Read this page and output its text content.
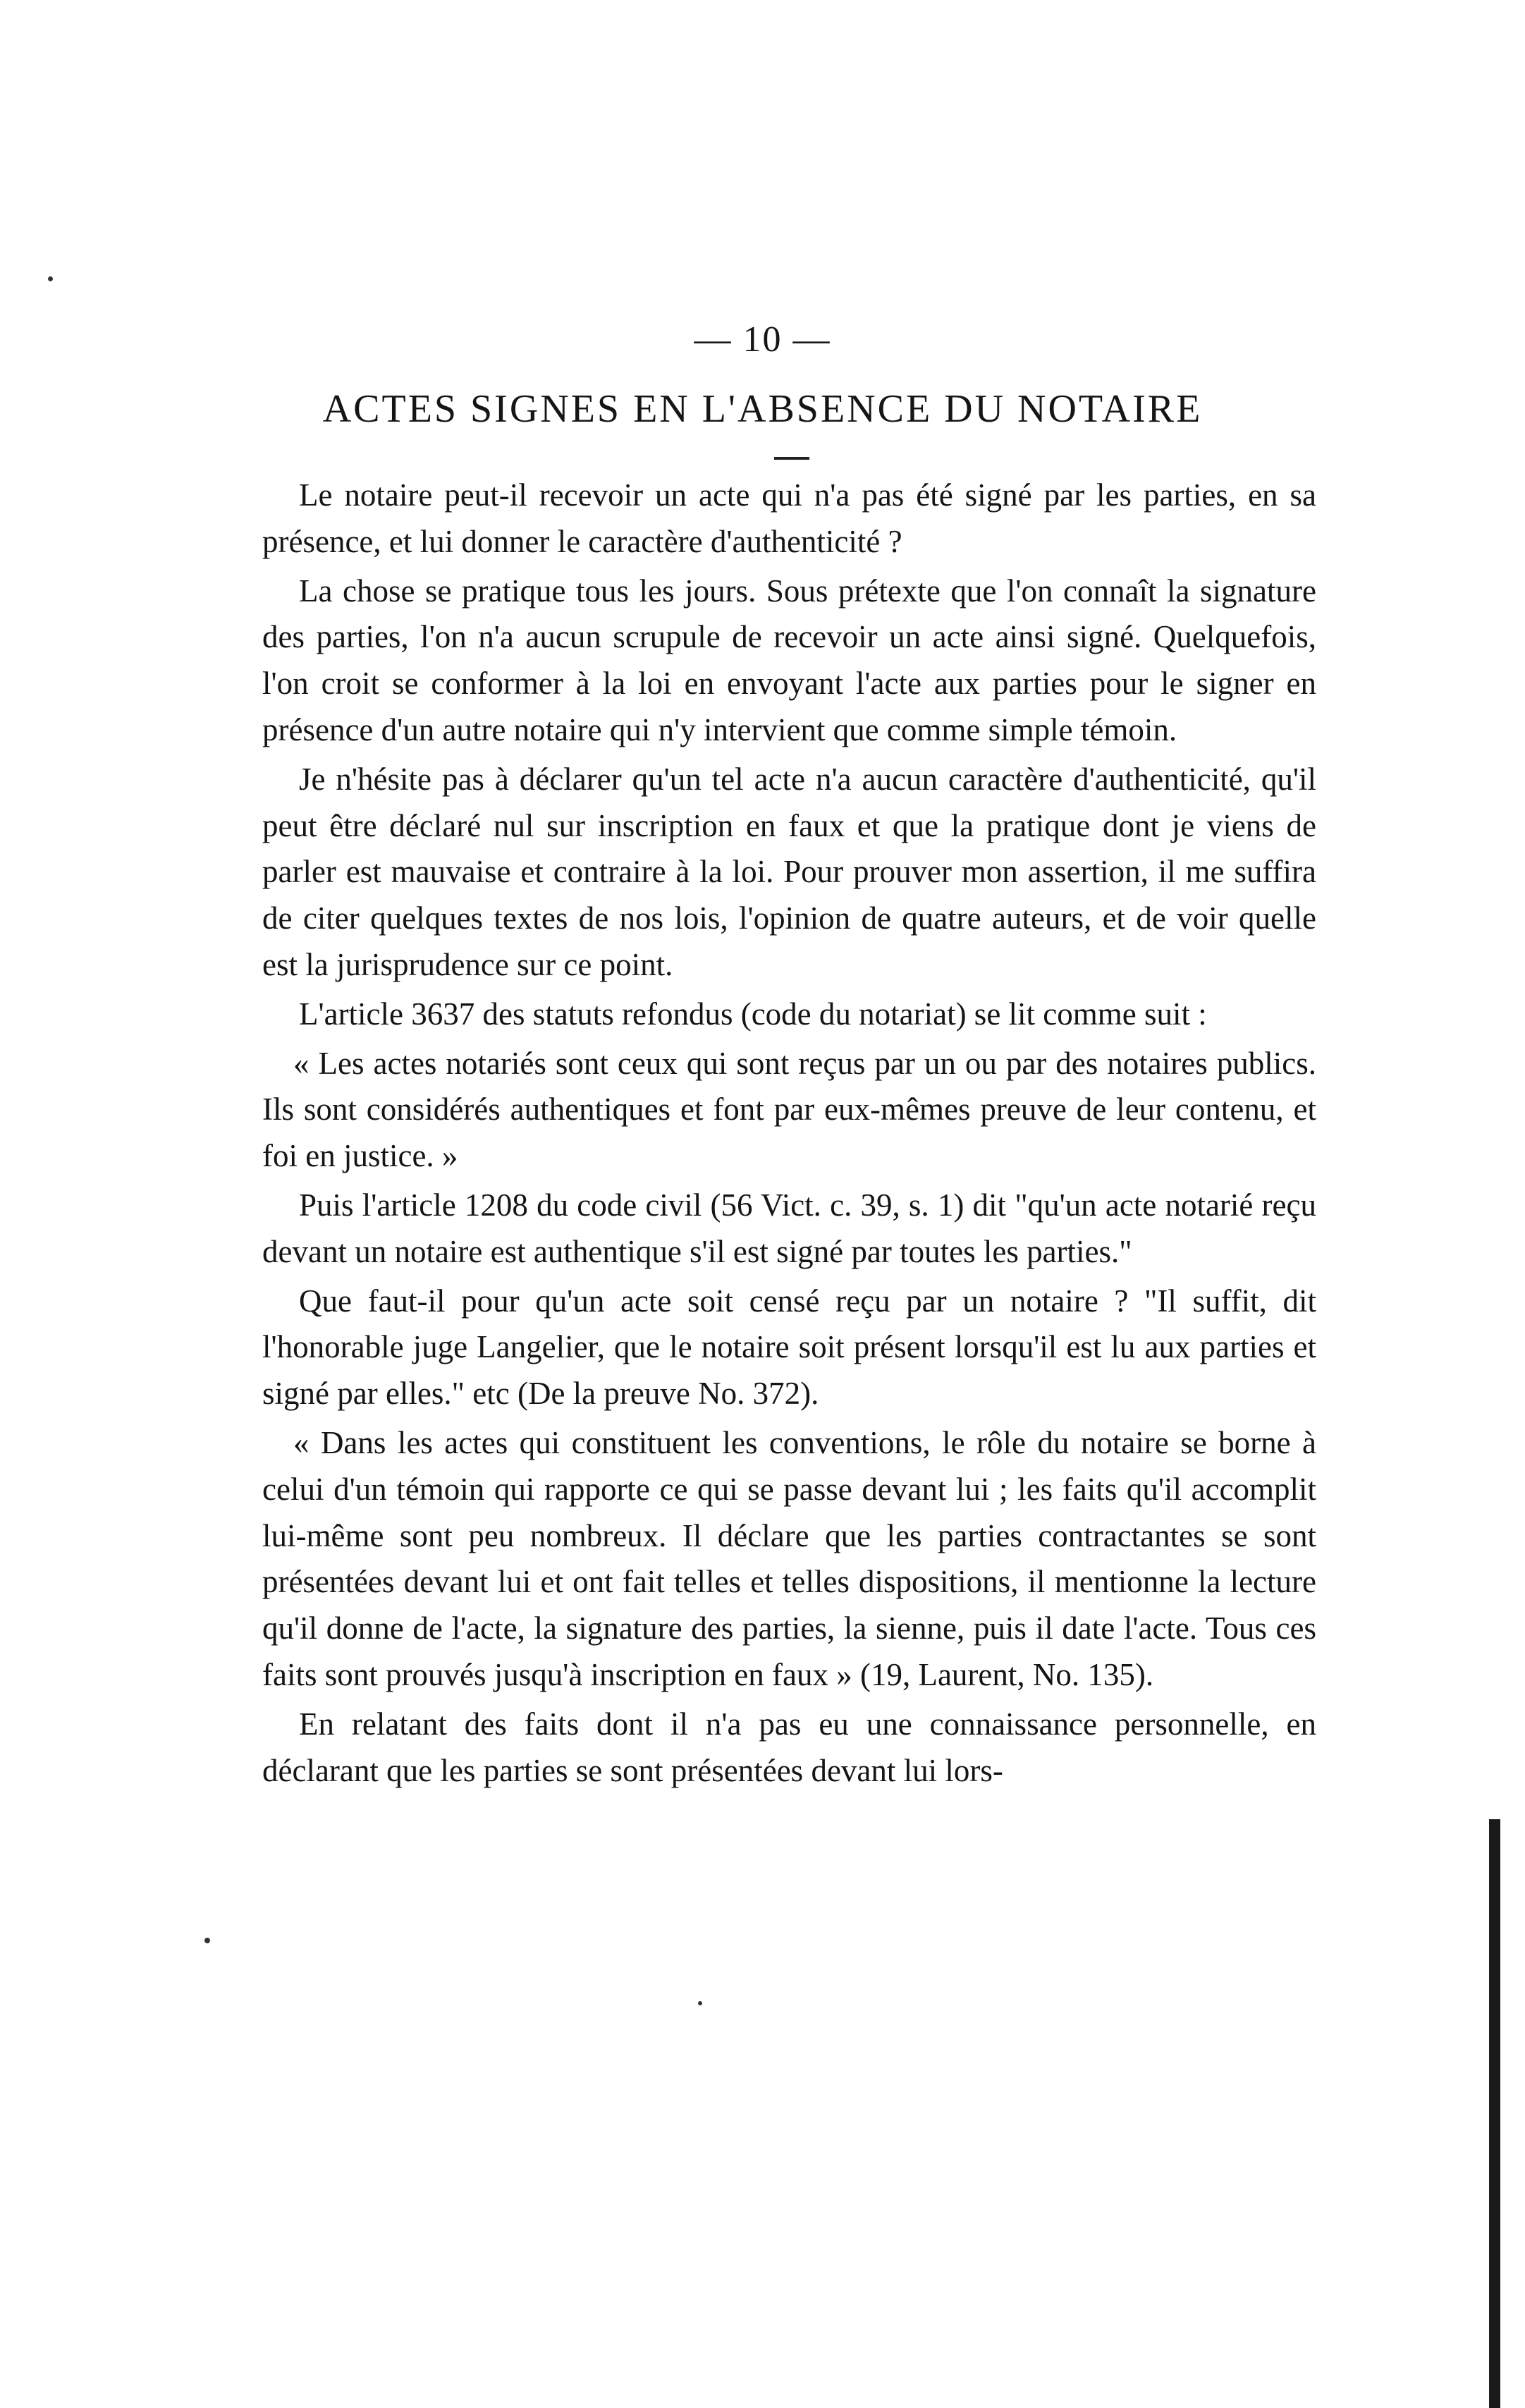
— 10 —
ACTES SIGNES EN L'ABSENCE DU NOTAIRE

Le notaire peut-il recevoir un acte qui n'a pas été signé par les parties, en sa présence, et lui donner le caractère d'authenticité ?

La chose se pratique tous les jours. Sous prétexte que l'on connaît la signature des parties, l'on n'a aucun scrupule de recevoir un acte ainsi signé. Quelquefois, l'on croit se conformer à la loi en envoyant l'acte aux parties pour le signer en présence d'un autre notaire qui n'y intervient que comme simple témoin.

Je n'hésite pas à déclarer qu'un tel acte n'a aucun caractère d'authenticité, qu'il peut être déclaré nul sur inscription en faux et que la pratique dont je viens de parler est mauvaise et contraire à la loi. Pour prouver mon assertion, il me suffira de citer quelques textes de nos lois, l'opinion de quatre auteurs, et de voir quelle est la jurisprudence sur ce point.

L'article 3637 des statuts refondus (code du notariat) se lit comme suit :

« Les actes notariés sont ceux qui sont reçus par un ou par des notaires publics. Ils sont considérés authentiques et font par eux-mêmes preuve de leur contenu, et foi en justice. »

Puis l'article 1208 du code civil (56 Vict. c. 39, s. 1) dit "qu'un acte notarié reçu devant un notaire est authentique s'il est signé par toutes les parties."

Que faut-il pour qu'un acte soit censé reçu par un notaire ? "Il suffit, dit l'honorable juge Langelier, que le notaire soit présent lorsqu'il est lu aux parties et signé par elles." etc (De la preuve No. 372).

« Dans les actes qui constituent les conventions, le rôle du notaire se borne à celui d'un témoin qui rapporte ce qui se passe devant lui ; les faits qu'il accomplit lui-même sont peu nombreux. Il déclare que les parties contractantes se sont présentées devant lui et ont fait telles et telles dispositions, il mentionne la lecture qu'il donne de l'acte, la signature des parties, la sienne, puis il date l'acte. Tous ces faits sont prouvés jusqu'à inscription en faux » (19, Laurent, No. 135).

En relatant des faits dont il n'a pas eu une connaissance personnelle, en déclarant que les parties se sont présentées devant lui lors-
